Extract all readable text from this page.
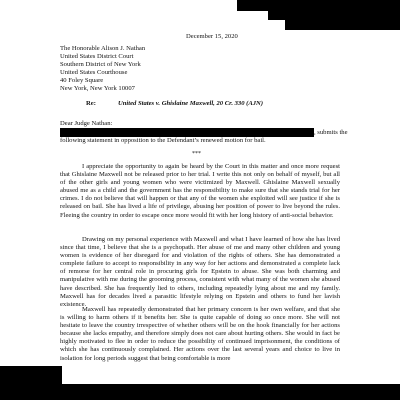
December 15, 2020
The Honorable Alison J. Nathan
United States District Court
Southern District of New York
United States Courthouse
40 Foley Square
New York, New York 10007
Re:	United States v. Ghislaine Maxwell, 20 Cr. 330 (AJN)
Dear Judge Nathan:
, submits the
following statement in opposition to the Defendant’s renewed motion for bail.
***

I appreciate the opportunity to again be heard by the Court in this matter and once more request that Ghislaine Maxwell not be released prior to her trial. I write this not only on behalf of myself, but all of the other girls and young women who were victimized by Maxwell. Ghislaine Maxwell sexually abused me as a child and the government has the responsibility to make sure that she stands trial for her crimes. I do not believe that will happen or that any of the women she exploited will see justice if she is released on bail. She has lived a life of privilege, abusing her position of power to live beyond the rules. Fleeing the country in order to escape once more would fit with her long history of anti-social behavior.

Drawing on my personal experience with Maxwell and what I have learned of how she has lived since that time, I believe that she is a psychopath. Her abuse of me and many other children and young women is evidence of her disregard for and violation of the rights of others. She has demonstrated a complete failure to accept to responsibility in any way for her actions and demonstrated a complete lack of remorse for her central role in procuring girls for Epstein to abuse. She was both charming and manipulative with me during the grooming process, consistent with what many of the women she abused have described. She has frequently lied to others, including repeatedly lying about me and my family. Maxwell has for decades lived a parasitic lifestyle relying on Epstein and others to fund her lavish existence.

Maxwell has repeatedly demonstrated that her primary concern is her own welfare, and that she is willing to harm others if it benefits her. She is quite capable of doing so once more. She will not hesitate to leave the country irrespective of whether others will be on the hook financially for her actions because she lacks empathy, and therefore simply does not care about hurting others. She would in fact be highly motivated to flee in order to reduce the possibility of continued imprisonment, the conditions of which she has continuously complained. Her actions over the last several years and choice to live in isolation for long periods suggest that being comfortable is more
